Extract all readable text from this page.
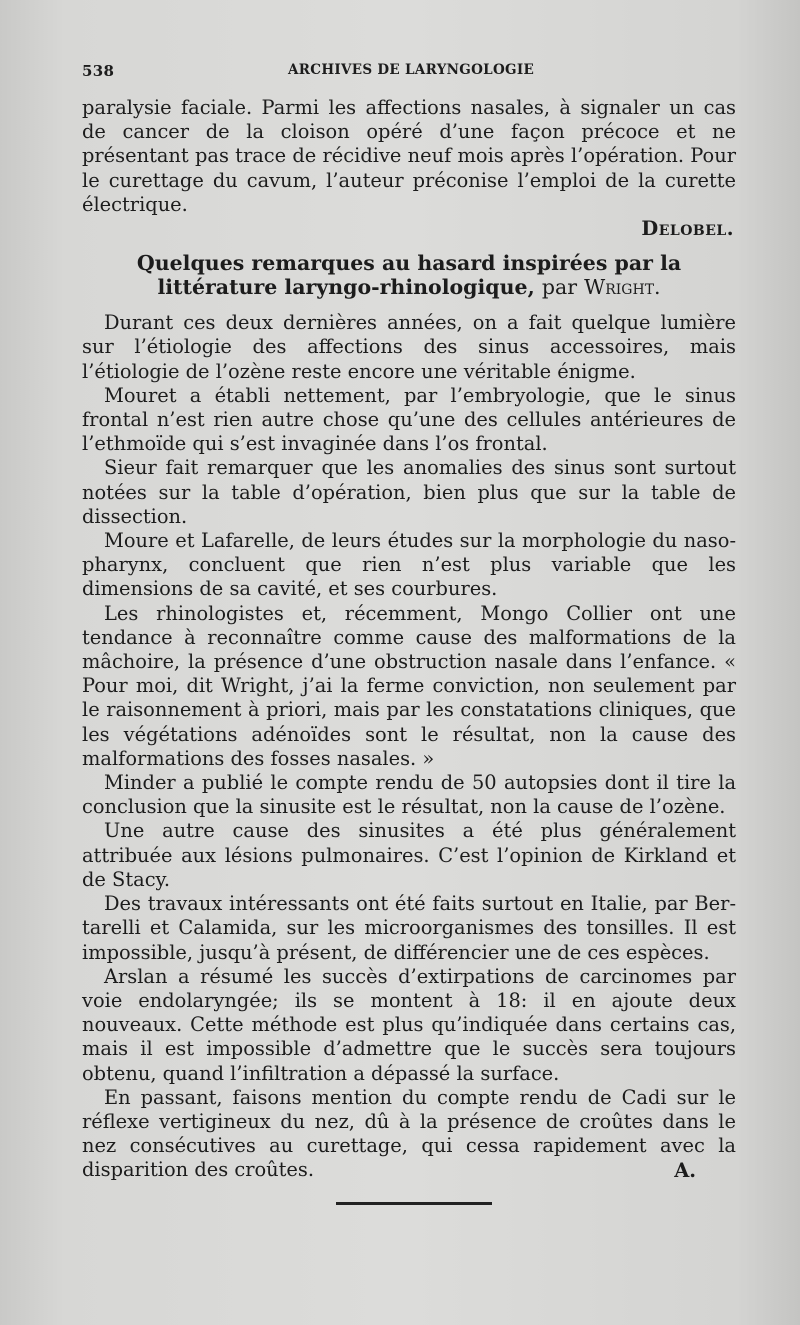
538	ARCHIVES DE LARYNGOLOGIE

paralysie faciale. Parmi les affections nasales, à signaler un cas de cancer de la cloison opéré d’une façon précoce et ne présentant pas trace de récidive neuf mois après l’opération. Pour le curettage du cavum, l’auteur préconise l’emploi de la curette électrique.

Delobel.
Quelques remarques au hasard inspirées par la littérature laryngo-rhinologique, par Wright.

Durant ces deux dernières années, on a fait quelque lumière sur l’étiologie des affections des sinus accessoires, mais l’étiologie de l’ozène reste encore une véritable énigme.

Mouret a établi nettement, par l’embryologie, que le sinus frontal n’est rien autre chose qu’une des cellules antérieures de l’ethmoïde qui s’est invaginée dans l’os frontal.

Sieur fait remarquer que les anomalies des sinus sont surtout notées sur la table d’opération, bien plus que sur la table de dissection.

Moure et Lafarelle, de leurs études sur la morphologie du nasopharynx, concluent que rien n’est plus variable que les dimensions de sa cavité, et ses courbures.

Les rhinologistes et, récemment, Mongo Collier ont une tendance à reconnaître comme cause des malformations de la mâchoire, la présence d’une obstruction nasale dans l’enfance. « Pour moi, dit Wright, j’ai la ferme conviction, non seulement par le raisonnement à priori, mais par les constatations cliniques, que les végétations adénoïdes sont le résultat, non la cause des malformations des fosses nasales. »

Minder a publié le compte rendu de 50 autopsies dont il tire la conclusion que la sinusite est le résultat, non la cause de l’ozène.

Une autre cause des sinusites a été plus généralement attribuée aux lésions pulmonaires. C’est l’opinion de Kirkland et de Stacy.

Des travaux intéressants ont été faits surtout en Italie, par Bertarelli et Calamida, sur les microorganismes des tonsilles. Il est impossible, jusqu’à présent, de différencier une de ces espèces.

Arslan a résumé les succès d’extirpations de carcinomes par voie endolaryngée; ils se montent à 18: il en ajoute deux nouveaux. Cette méthode est plus qu’indiquée dans certains cas, mais il est impossible d’admettre que le succès sera toujours obtenu, quand l’infiltration a dépassé la surface.

En passant, faisons mention du compte rendu de Cadi sur le réflexe vertigineux du nez, dû à la présence de croûtes dans le nez consécutives au curettage, qui cessa rapidement avec la disparition des croûtes.	A.
